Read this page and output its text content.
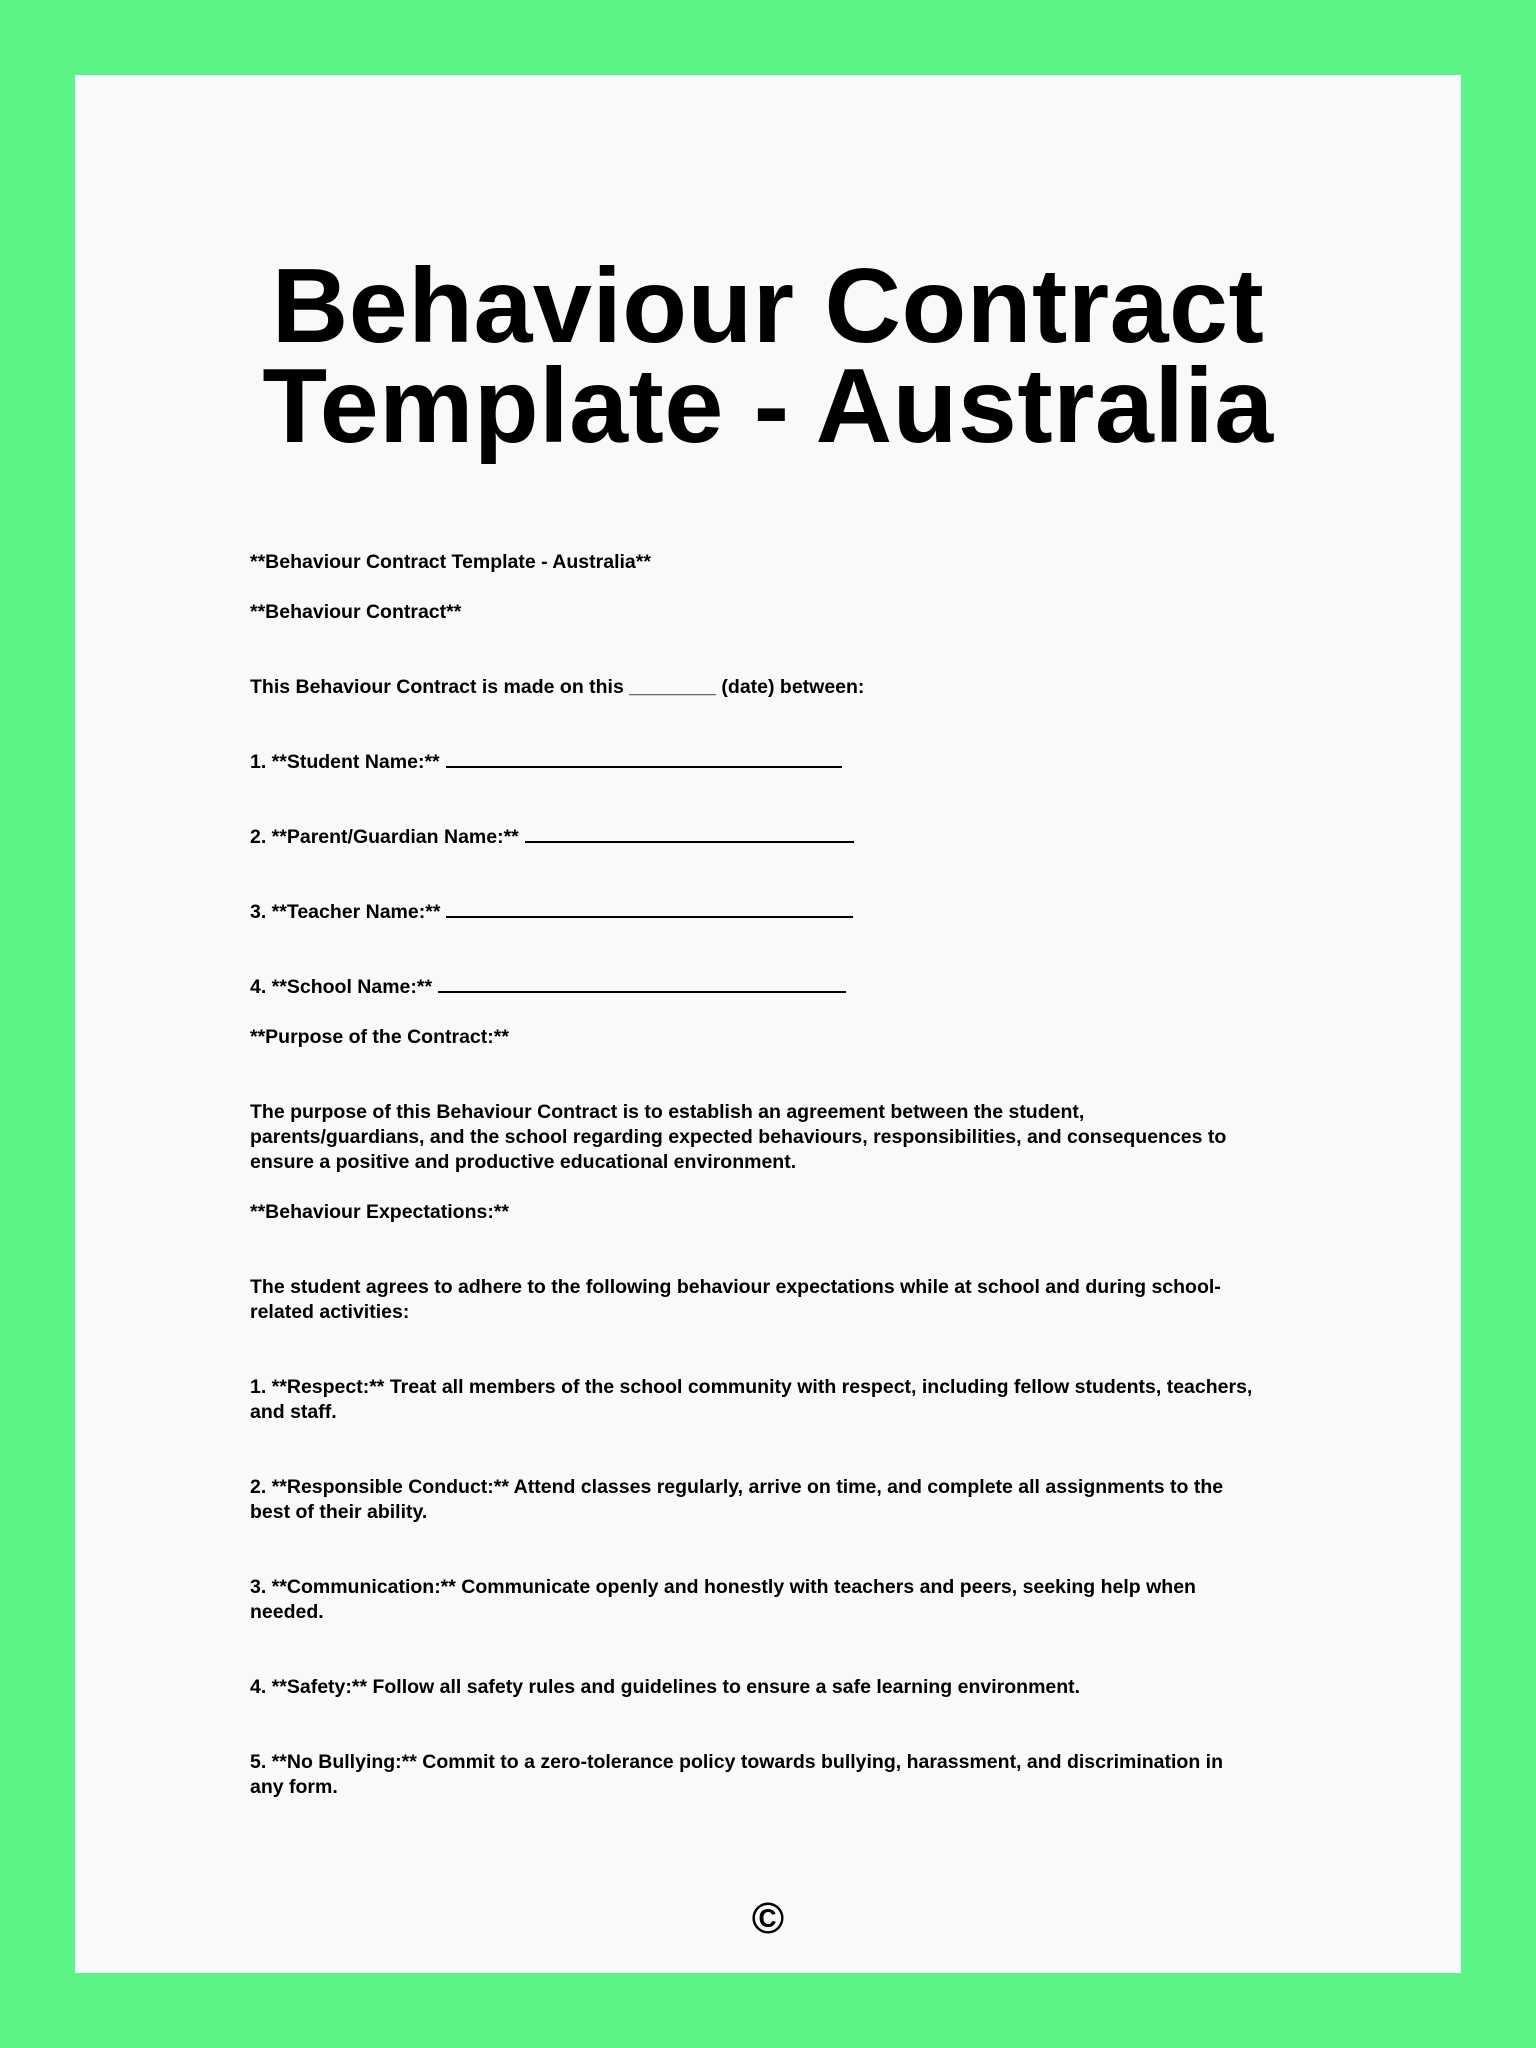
Behaviour Contract Template - Australia

**Behaviour Contract Template - Australia**

**Behaviour Contract**

This Behaviour Contract is made on this ________ (date) between:

1. **Student Name:**

2. **Parent/Guardian Name:**

3. **Teacher Name:**

4. **School Name:**

**Purpose of the Contract:**

The purpose of this Behaviour Contract is to establish an agreement between the student, parents/guardians, and the school regarding expected behaviours, responsibilities, and consequences to ensure a positive and productive educational environment.

**Behaviour Expectations:**

The student agrees to adhere to the following behaviour expectations while at school and during school-related activities:

1. **Respect:** Treat all members of the school community with respect, including fellow students, teachers, and staff.

2. **Responsible Conduct:** Attend classes regularly, arrive on time, and complete all assignments to the best of their ability.

3. **Communication:** Communicate openly and honestly with teachers and peers, seeking help when needed.

4. **Safety:** Follow all safety rules and guidelines to ensure a safe learning environment.

5. **No Bullying:** Commit to a zero-tolerance policy towards bullying, harassment, and discrimination in any form.

©
